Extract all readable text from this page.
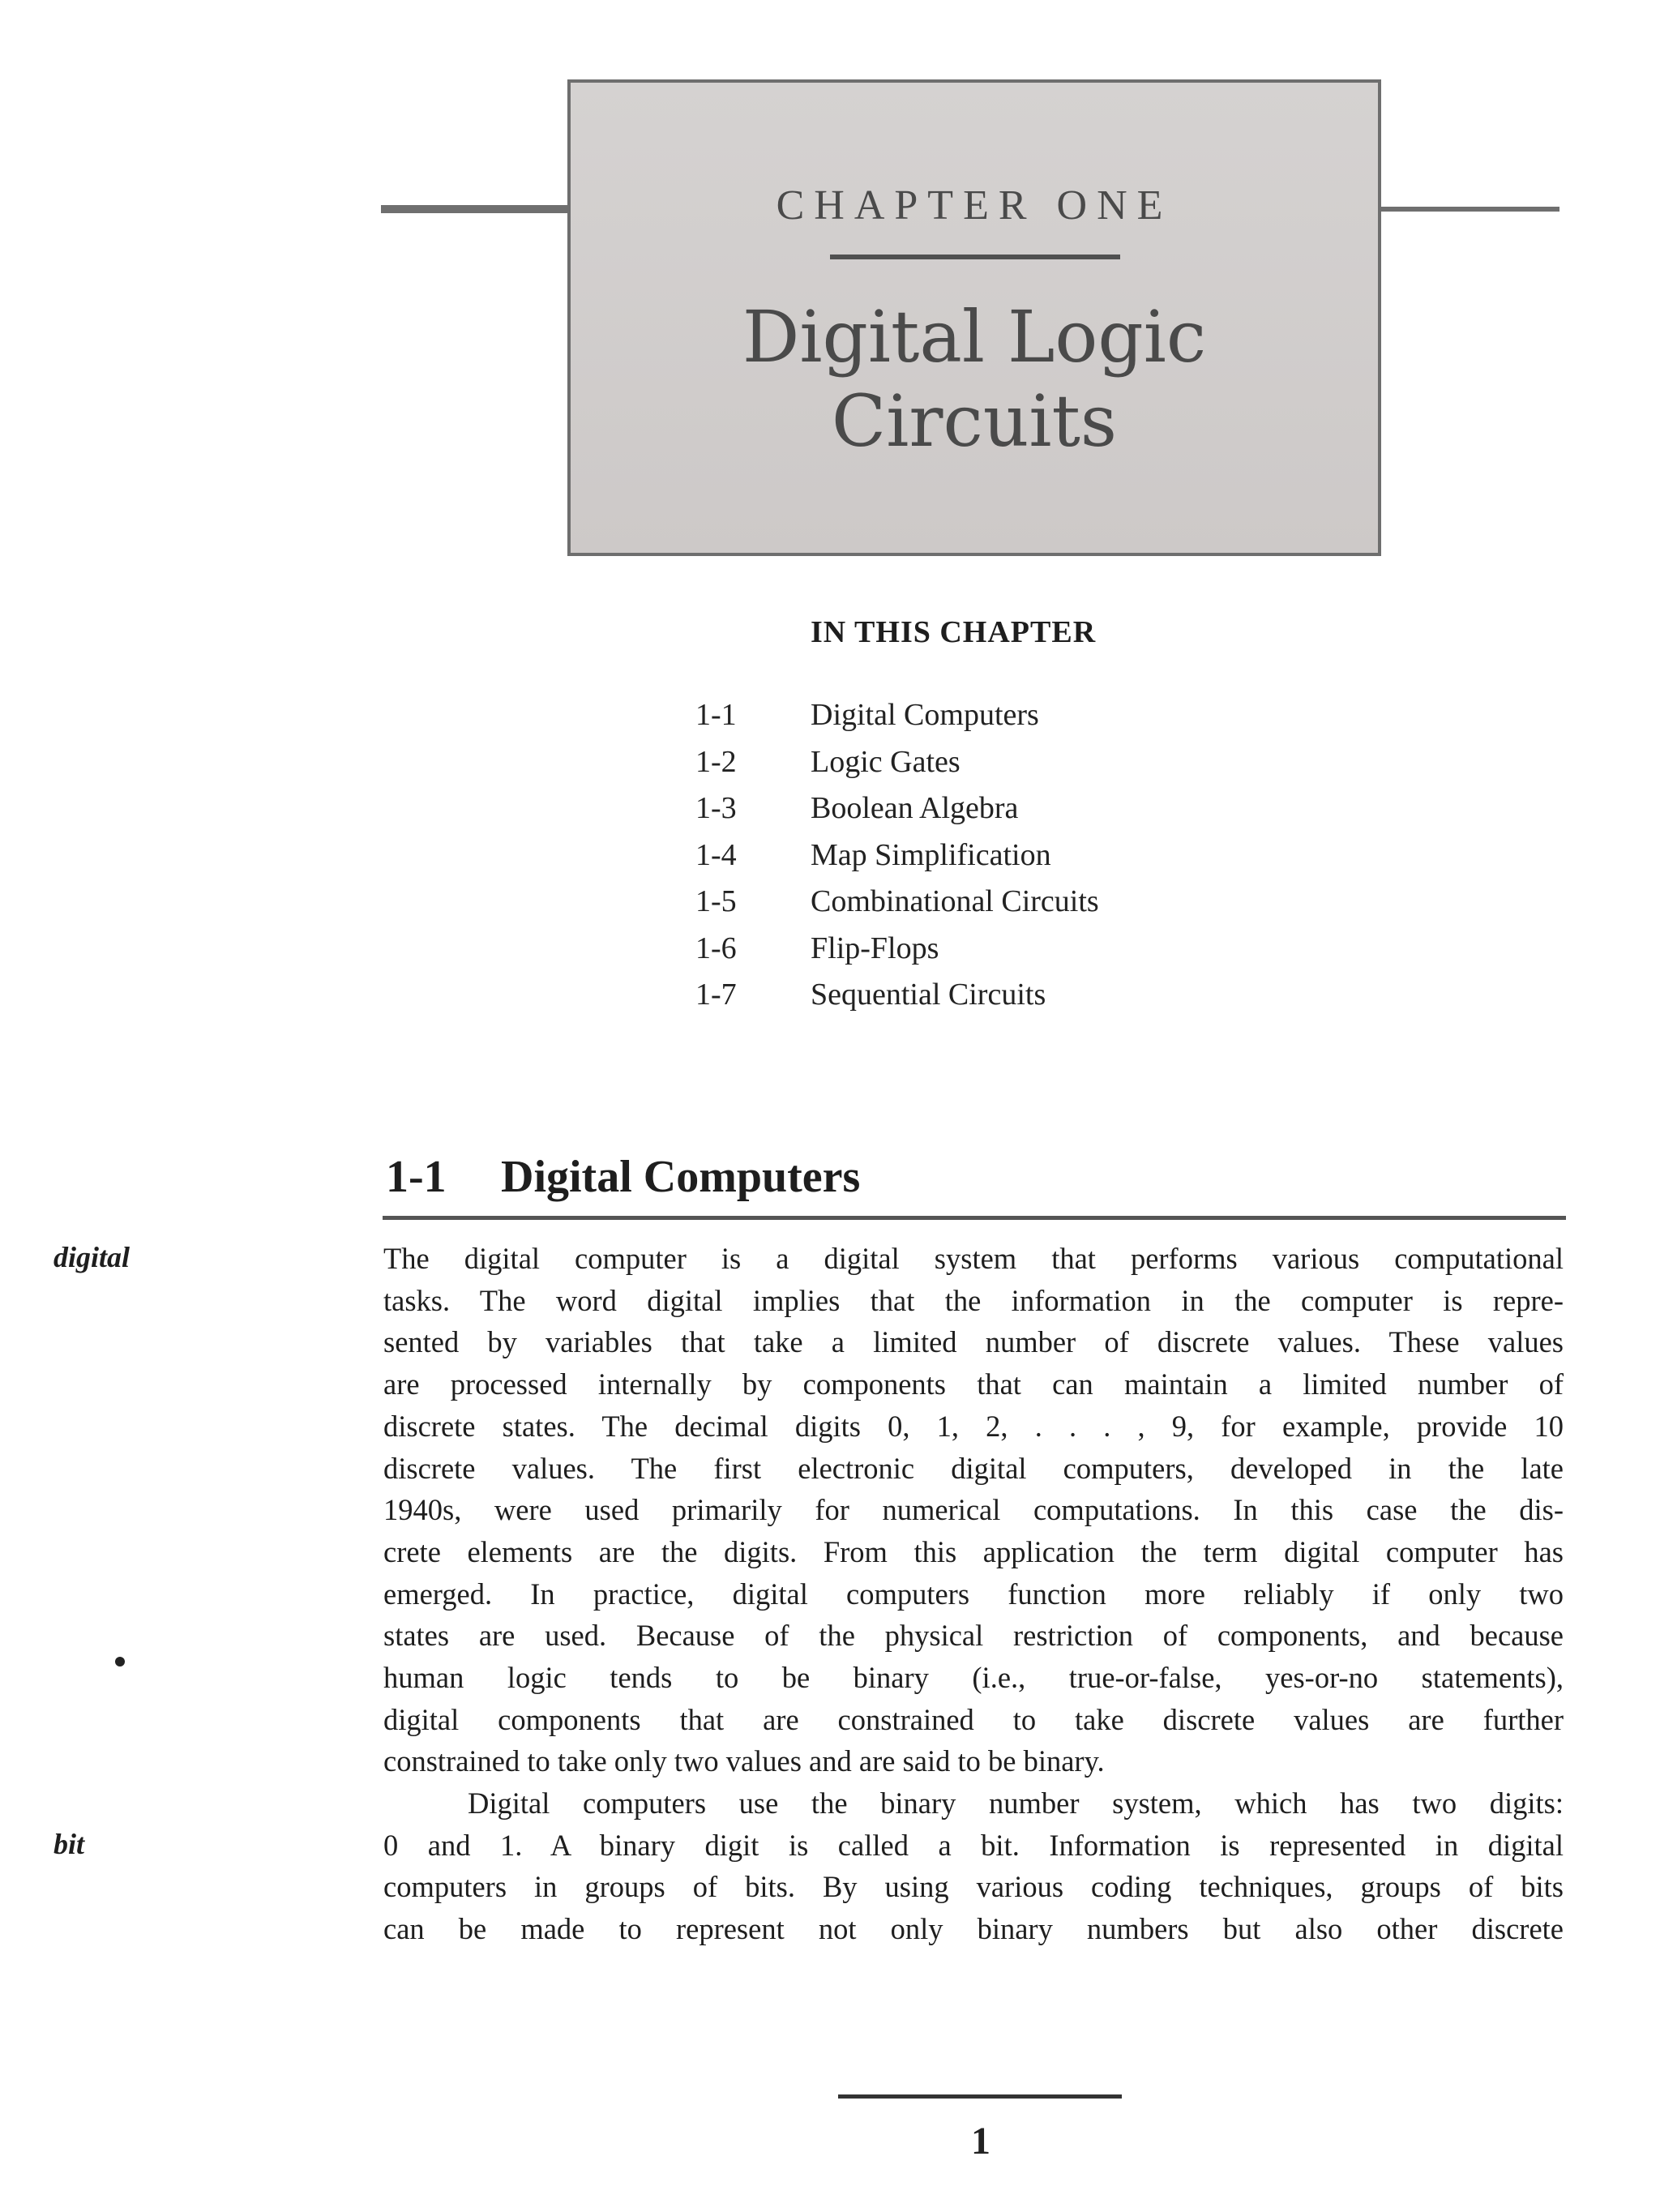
CHAPTER ONE
Digital Logic
Circuits
IN THIS CHAPTER
1-1	Digital Computers
1-2	Logic Gates
1-3	Boolean Algebra
1-4	Map Simplification
1-5	Combinational Circuits
1-6	Flip-Flops
1-7	Sequential Circuits
1-1 Digital Computers
digital
bit

The digital computer is a digital system that performs various computational
tasks. The word digital implies that the information in the computer is repre-
sented by variables that take a limited number of discrete values. These values
are processed internally by components that can maintain a limited number of
discrete states. The decimal digits 0, 1, 2, . . . , 9, for example, provide 10
discrete values. The first electronic digital computers, developed in the late
1940s, were used primarily for numerical computations. In this case the dis-
crete elements are the digits. From this application the term digital computer has
emerged. In practice, digital computers function more reliably if only two
states are used. Because of the physical restriction of components, and because
human logic tends to be binary (i.e., true-or-false, yes-or-no statements),
digital components that are constrained to take discrete values are further
constrained to take only two values and are said to be binary.

Digital computers use the binary number system, which has two digits:
0 and 1. A binary digit is called a bit. Information is represented in digital
computers in groups of bits. By using various coding techniques, groups of bits
can be made to represent not only binary numbers but also other discrete

1
